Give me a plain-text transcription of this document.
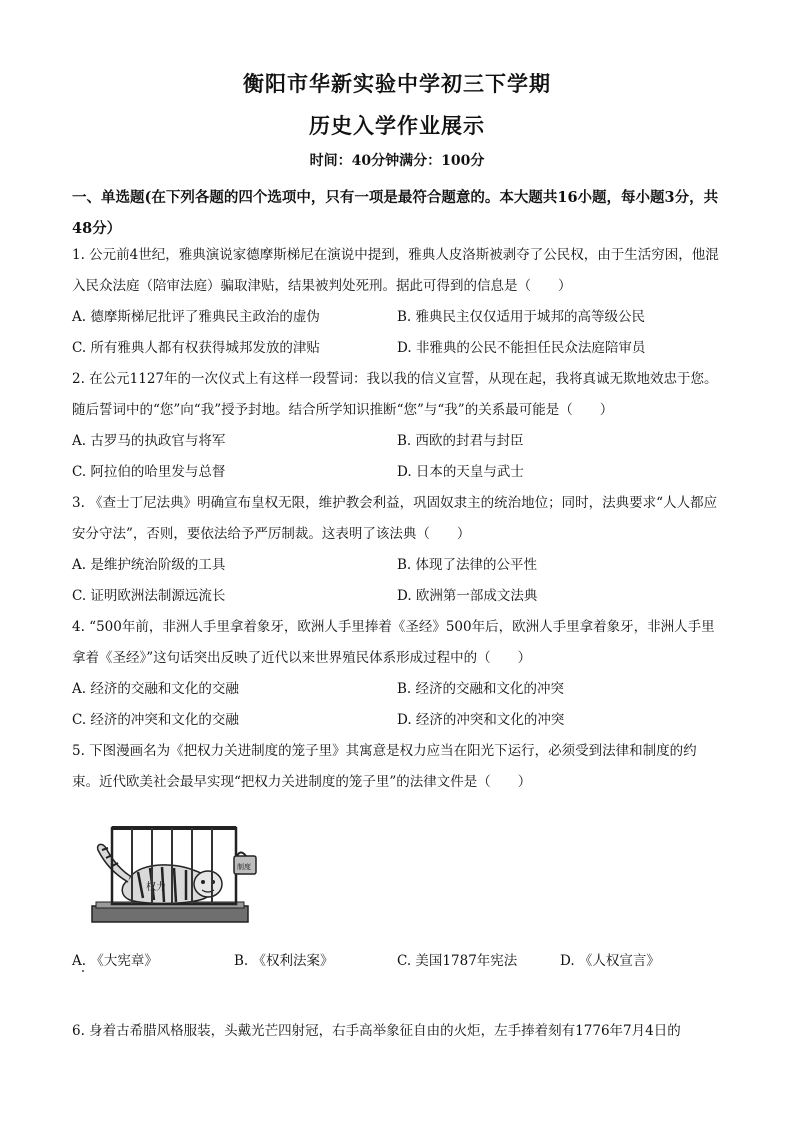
衡阳市华新实验中学初三下学期
历史入学作业展示
时间：40分钟满分：100分
一、单选题(在下列各题的四个选项中，只有一项是最符合题意的。本大题共16小题，每小题3分，共48分）
1. 公元前4世纪，雅典演说家德摩斯梯尼在演说中提到，雅典人皮洛斯被剥夺了公民权，由于生活穷困，他混入民众法庭（陪审法庭）骗取津贴，结果被判处死刑。据此可得到的信息是（　　）
A. 德摩斯梯尼批评了雅典民主政治的虚伪	B. 雅典民主仅仅适用于城邦的高等级公民
C. 所有雅典人都有权获得城邦发放的津贴	D. 非雅典的公民不能担任民众法庭陪审员
2. 在公元1127年的一次仪式上有这样一段誓词：我以我的信义宣誓，从现在起，我将真诚无欺地效忠于您。随后誓词中的“您”向“我”授予封地。结合所学知识推断“您”与“我”的关系最可能是（　　）
A. 古罗马的执政官与将军	B. 西欧的封君与封臣
C. 阿拉伯的哈里发与总督	D. 日本的天皇与武士
3. 《查士丁尼法典》明确宣布皇权无限，维护教会利益，巩固奴隶主的统治地位；同时，法典要求“人人都应安分守法”，否则，要依法给予严厉制裁。这表明了该法典（　　）
A. 是维护统治阶级的工具	B. 体现了法律的公平性
C. 证明欧洲法制源远流长	D. 欧洲第一部成文法典
4. “500年前，非洲人手里拿着象牙，欧洲人手里捧着《圣经》500年后，欧洲人手里拿着象牙，非洲人手里拿着《圣经》”这句话突出反映了近代以来世界殖民体系形成过程中的（　　）
A. 经济的交融和文化的交融	B. 经济的交融和文化的冲突
C. 经济的冲突和文化的交融	D. 经济的冲突和文化的冲突
5. 下图漫画名为《把权力关进制度的笼子里》其寓意是权力应当在阳光下运行，必须受到法律和制度的约束。近代欧美社会最早实现“把权力关进制度的笼子里”的法律文件是（　　）
权力
制度
A. 《大宪章》	B. 《权利法案》	C. 美国1787年宪法	D. 《人权宣言》
6. 身着古希腊风格服装，头戴光芒四射冠，右手高举象征自由的火炬，左手捧着刻有1776年7月4日的
